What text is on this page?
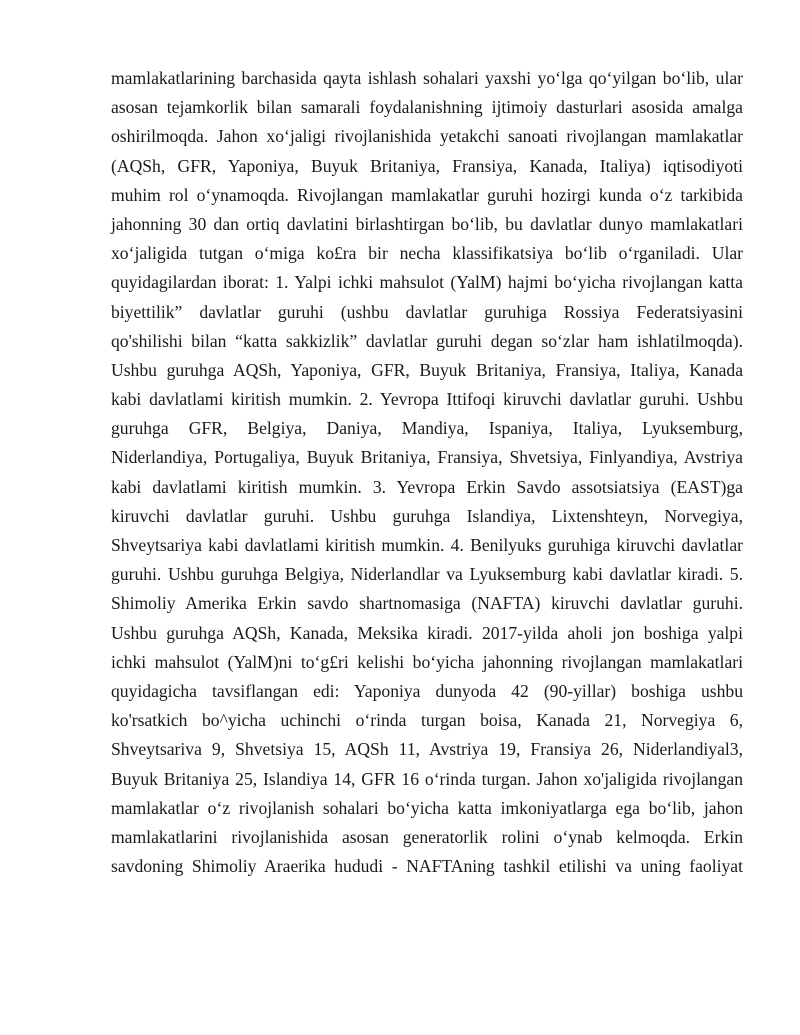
mamlakatlarining barchasida qayta ishlash sohalari yaxshi yo‘lga qo‘yilgan bo‘lib, ular
asosan tejamkorlik bilan samarali foydalanishning ijtimoiy dasturlari asosida amalga
oshirilmoqda. Jahon xo‘jaligi rivojlanishida yetakchi sanoati rivojlangan mamlakatlar
(AQSh, GFR, Yaponiya, Buyuk Britaniya, Fransiya, Kanada, Italiya) iqtisodiyoti
muhim rol o‘ynamoqda. Rivojlangan mamlakatlar guruhi hozirgi kunda o‘z tarkibida
jahonning 30 dan ortiq davlatini birlashtirgan bo‘lib, bu davlatlar dunyo mamlakatlari
xo‘jaligida tutgan o‘miga ko£ra bir necha klassifikatsiya bo‘lib o‘rganiladi. Ular
quyidagilardan iborat: 1. Yalpi ichki mahsulot (YalM) hajmi bo‘yicha rivojlangan katta
biyettilik” davlatlar guruhi (ushbu davlatlar guruhiga Rossiya Federatsiyasini
qo'shilishi bilan “katta sakkizlik” davlatlar guruhi degan so‘zlar ham ishlatilmoqda).
Ushbu guruhga AQSh, Yaponiya, GFR, Buyuk Britaniya, Fransiya, Italiya, Kanada
kabi davlatlami kiritish mumkin. 2. Yevropa Ittifoqi kiruvchi davlatlar guruhi. Ushbu
guruhga GFR, Belgiya, Daniya, Mandiya, Ispaniya, Italiya, Lyuksemburg,
Niderlandiya, Portugaliya, Buyuk Britaniya, Fransiya, Shvetsiya, Finlyandiya, Avstriya
kabi davlatlami kiritish mumkin. 3. Yevropa Erkin Savdo assotsiatsiya (EAST)ga
kiruvchi davlatlar guruhi. Ushbu guruhga Islandiya, Lixtenshteyn, Norvegiya,
Shveytsariya kabi davlatlami kiritish mumkin. 4. Benilyuks guruhiga kiruvchi davlatlar
guruhi. Ushbu guruhga Belgiya, Niderlandlar va Lyuksemburg kabi davlatlar kiradi. 5.
Shimoliy Amerika Erkin savdo shartnomasiga (NAFTA) kiruvchi davlatlar guruhi.
Ushbu guruhga AQSh, Kanada, Meksika kiradi. 2017-yilda aholi jon boshiga yalpi
ichki mahsulot (YalM)ni to‘g£ri kelishi bo‘yicha jahonning rivojlangan mamlakatlari
quyidagicha tavsiflangan edi: Yaponiya dunyoda 42 (90-yillar) boshiga ushbu
ko'rsatkich bo^yicha uchinchi o‘rinda turgan boisa, Kanada 21, Norvegiya 6,
Shveytsariva 9, Shvetsiya 15, AQSh 11, Avstriya 19, Fransiya 26, Niderlandiyal3,
Buyuk Britaniya 25, Islandiya 14, GFR 16 o‘rinda turgan. Jahon xo'jaligida rivojlangan
mamlakatlar o‘z rivojlanish sohalari bo‘yicha katta imkoniyatlarga ega bo‘lib, jahon
mamlakatlarini rivojlanishida asosan generatorlik rolini o‘ynab kelmoqda. Erkin
savdoning Shimoliy Araerika hududi - NAFTAning tashkil etilishi va uning faoliyat
